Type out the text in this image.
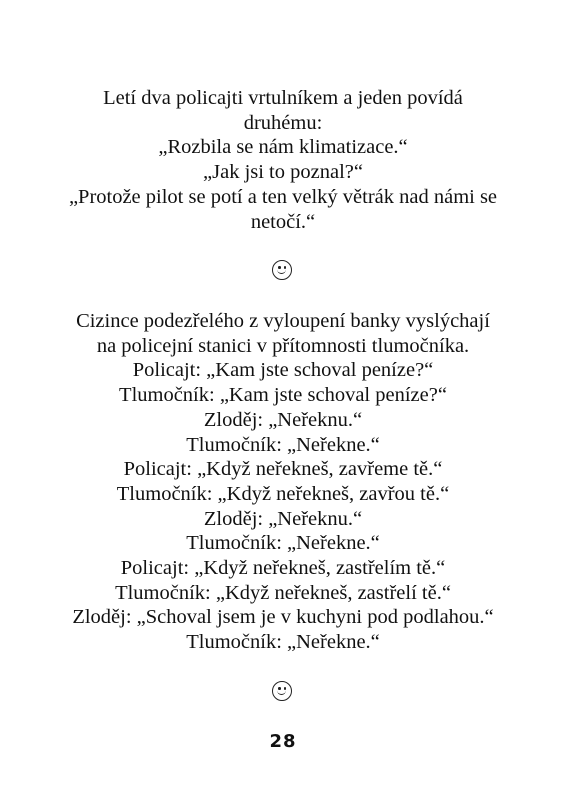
Letí dva policajti vrtulníkem a jeden povídá
druhému:
„Rozbila se nám klimatizace.“
„Jak jsi to poznal?“
„Protože pilot se potí a ten velký větrák nad námi se
netočí.“
Cizince podezřelého z vyloupení banky vyslýchají
na policejní stanici v přítomnosti tlumočníka.
Policajt: „Kam jste schoval peníze?“
Tlumočník: „Kam jste schoval peníze?“
Zloděj: „Neřeknu.“
Tlumočník: „Neřekne.“
Policajt: „Když neřekneš, zavřeme tě.“
Tlumočník: „Když neřekneš, zavřou tě.“
Zloděj: „Neřeknu.“
Tlumočník: „Neřekne.“
Policajt: „Když neřekneš, zastřelím tě.“
Tlumočník: „Když neřekneš, zastřelí tě.“
Zloděj: „Schoval jsem je v kuchyni pod podlahou.“
Tlumočník: „Neřekne.“
28
